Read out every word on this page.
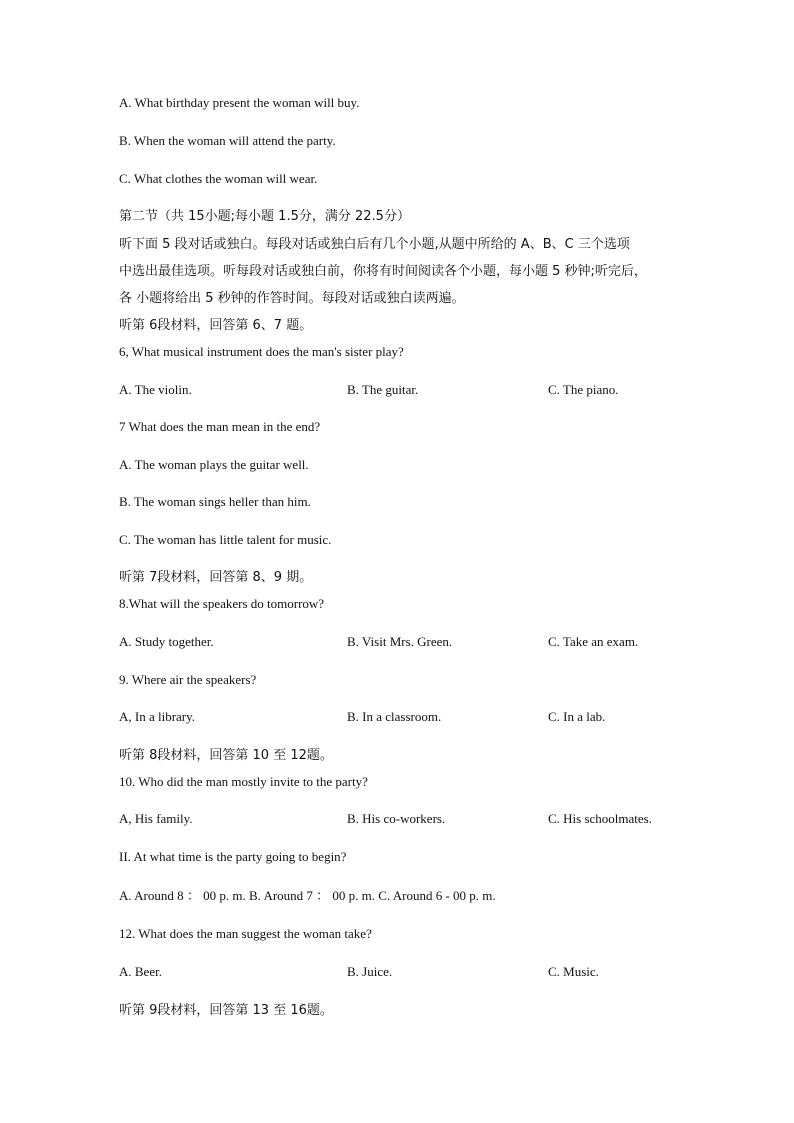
A. What birthday present the woman will buy.
B. When the woman will attend the party.
C. What clothes the woman will wear.
第二节（共 15小题;每小题 1.5分，满分 22.5分）
听下面 5 段对话或独白。每段对话或独白后有几个小题,从题中所给的 A、B、C 三个选项
中选出最佳选项。听每段对话或独白前，你将有时间阅读各个小题，每小题 5 秒钟;听完后，
各 小题将给出 5 秒钟的作答时间。每段对话或独白读两遍。
听第 6段材料，回答第 6、7 题。
6, What musical instrument does the man's sister play?
A. The violin.	B. The guitar.	C. The piano.
7 What does the man mean in the end?
A. The woman plays the guitar well.
B. The woman sings heller than him.
C. The woman has little talent for music.
听第 7段材料，回答第 8、9 期。
8.What will the speakers do tomorrow?
A. Study together.	B. Visit Mrs. Green.	C. Take an exam.
9. Where air the speakers?
A, In a library.	B. In a classroom.	C. In a lab.
听第 8段材料，回答第 10 至 12题。
10. Who did the man mostly invite to the party?
A, His family.	B. His co-workers.	C. His schoolmates.
II. At what time is the party going to begin?
A. Around 8 ： 00 p. m. B. Around 7 ： 00 p. m. C. Around 6 - 00 p. m.
12. What does the man suggest the woman take?
A. Beer.	B. Juice.	C. Music.
听第 9段材料，回答第 13 至 16题。
